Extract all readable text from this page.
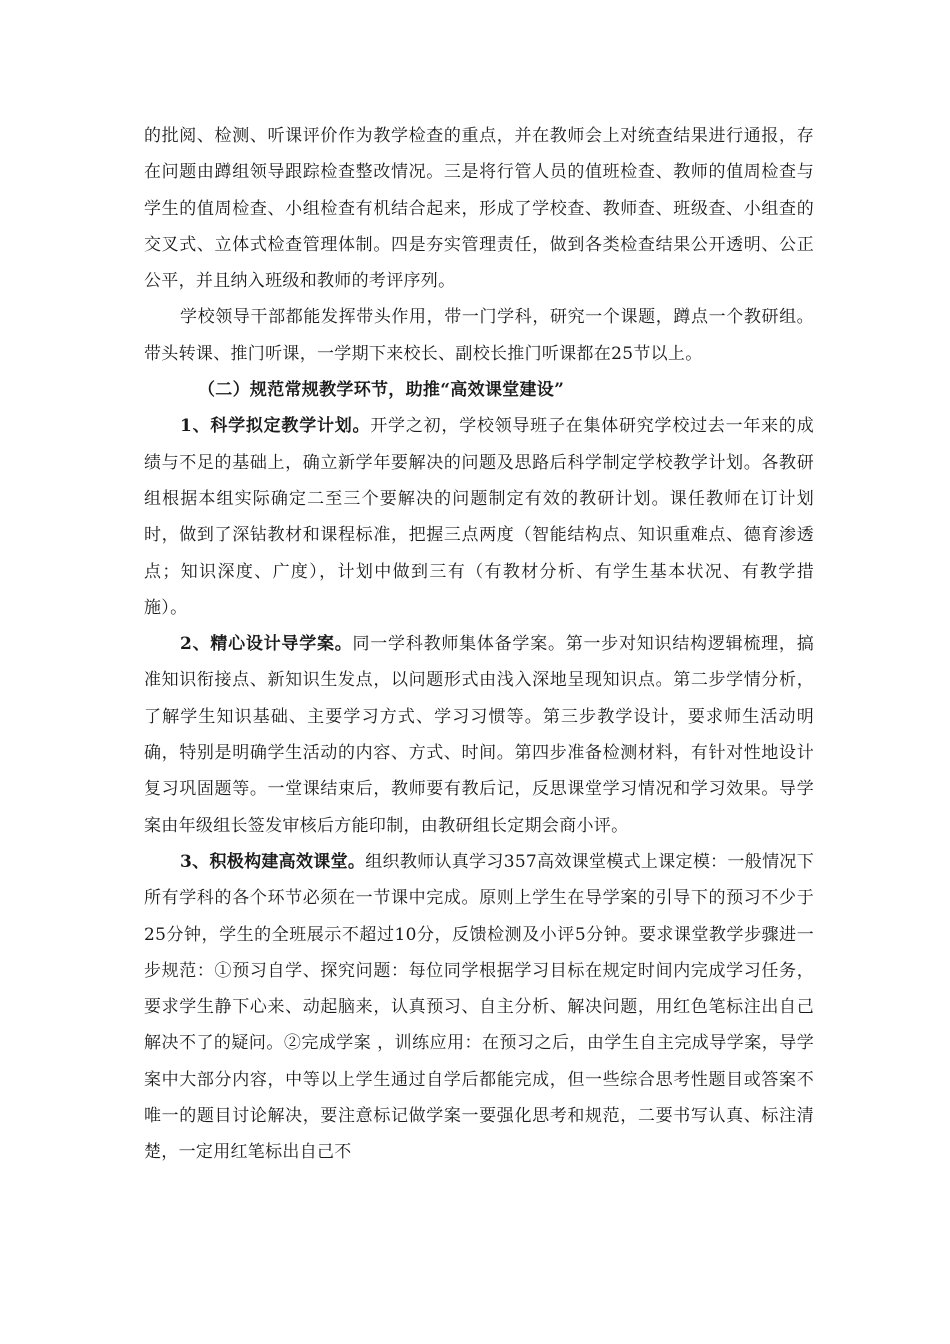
的批阅、检测、听课评价作为教学检查的重点，并在教师会上对统查结果进行通报，存在问题由蹲组领导跟踪检查整改情况。三是将行管人员的值班检查、教师的值周检查与学生的值周检查、小组检查有机结合起来，形成了学校查、教师查、班级查、小组查的交叉式、立体式检查管理体制。四是夯实管理责任，做到各类检查结果公开透明、公正公平，并且纳入班级和教师的考评序列。

学校领导干部都能发挥带头作用，带一门学科，研究一个课题，蹲点一个教研组。带头转课、推门听课，一学期下来校长、副校长推门听课都在25节以上。

（二）规范常规教学环节，助推“高效课堂建设”

1、科学拟定教学计划。开学之初，学校领导班子在集体研究学校过去一年来的成绩与不足的基础上，确立新学年要解决的问题及思路后科学制定学校教学计划。各教研组根据本组实际确定二至三个要解决的问题制定有效的教研计划。课任教师在订计划时，做到了深钻教材和课程标准，把握三点两度（智能结构点、知识重难点、德育渗透点；知识深度、广度），计划中做到三有（有教材分析、有学生基本状况、有教学措施）。

2、精心设计导学案。同一学科教师集体备学案。第一步对知识结构逻辑梳理，搞准知识衔接点、新知识生发点，以问题形式由浅入深地呈现知识点。第二步学情分析，了解学生知识基础、主要学习方式、学习习惯等。第三步教学设计，要求师生活动明确，特别是明确学生活动的内容、方式、时间。第四步准备检测材料，有针对性地设计复习巩固题等。一堂课结束后，教师要有教后记，反思课堂学习情况和学习效果。导学案由年级组长签发审核后方能印制，由教研组长定期会商小评。

3、积极构建高效课堂。组织教师认真学习357高效课堂模式上课定模：一般情况下所有学科的各个环节必须在一节课中完成。原则上学生在导学案的引导下的预习不少于25分钟，学生的全班展示不超过10分，反馈检测及小评5分钟。要求课堂教学步骤进一步规范：①预习自学、探究问题：每位同学根据学习目标在规定时间内完成学习任务，要求学生静下心来、动起脑来，认真预习、自主分析、解决问题，用红色笔标注出自己解决不了的疑问。②完成学案 ，训练应用：在预习之后，由学生自主完成导学案，导学案中大部分内容，中等以上学生通过自学后都能完成，但一些综合思考性题目或答案不唯一的题目讨论解决，要注意标记做学案一要强化思考和规范，二要书写认真、标注清楚，一定用红笔标出自己不
